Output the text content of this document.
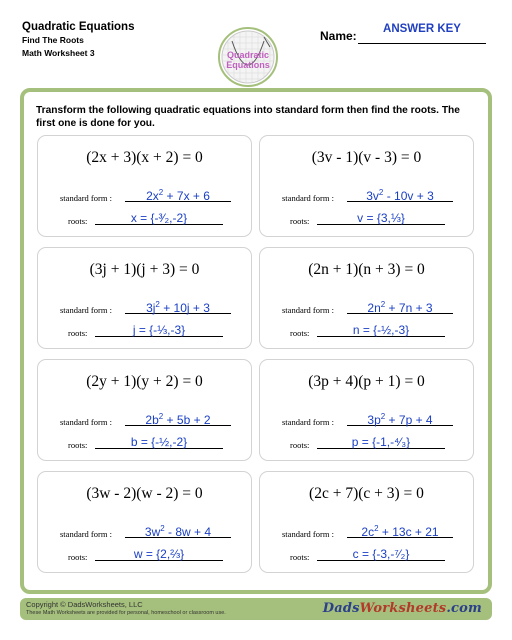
Quadratic Equations
Find The Roots
Math Worksheet 3
Name:	ANSWER KEY
Quadratic
Equations
Transform the following quadratic equations into standard form then find the roots. The first one is done for you.
(2x + 3)(x + 2) = 0
standard form :	$2x^2 + 7x + 6$
roots:	x = {-³⁄₂,-2}
(3v - 1)(v - 3) = 0
standard form :	$3v^2 - 10v + 3$
roots:	v = {3,⅓}
(3j + 1)(j + 3) = 0
standard form :	$3j^2 + 10j + 3$
roots:	j = {-⅓,-3}
(2n + 1)(n + 3) = 0
standard form :	$2n^2 + 7n + 3$
roots:	n = {-½,-3}
(2y + 1)(y + 2) = 0
standard form :	$2b^2 + 5b + 2$
roots:	b = {-½,-2}
(3p + 4)(p + 1) = 0
standard form :	$3p^2 + 7p + 4$
roots:	p = {-1,-⁴⁄₃}
(3w - 2)(w - 2) = 0
standard form :	$3w^2 - 8w + 4$
roots:	w = {2,⅔}
(2c + 7)(c + 3) = 0
standard form :	$2c^2 + 13c + 21$
roots:	c = {-3,-⁷⁄₂}
Copyright © DadsWorksheets, LLC
These Math Worksheets are provided for personal, homeschool or classroom use.	DadsWorksheets.com
